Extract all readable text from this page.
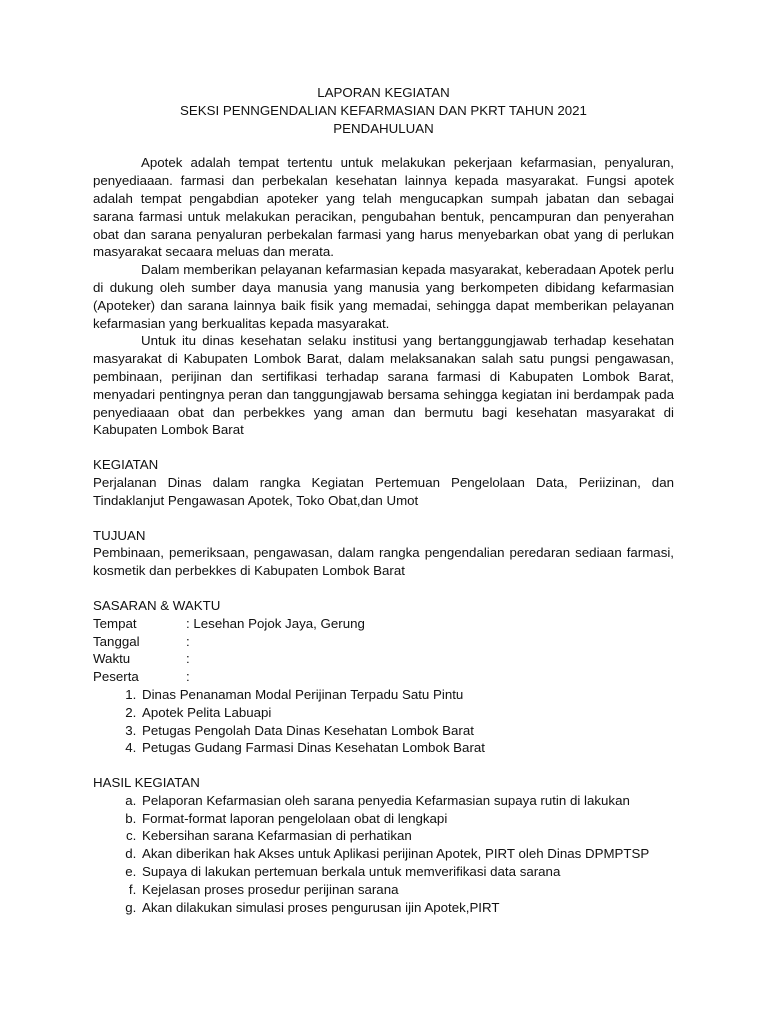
LAPORAN KEGIATAN

SEKSI PENNGENDALIAN KEFARMASIAN DAN PKRT TAHUN 2021

PENDAHULUAN

Apotek adalah tempat tertentu untuk melakukan pekerjaan kefarmasian, penyaluran, penyediaaan. farmasi dan perbekalan kesehatan lainnya kepada masyarakat. Fungsi apotek adalah tempat pengabdian apoteker yang telah mengucapkan sumpah jabatan dan sebagai sarana farmasi untuk melakukan peracikan, pengubahan bentuk, pencampuran dan penyerahan obat dan sarana penyaluran perbekalan farmasi yang harus menyebarkan obat yang di perlukan masyarakat secaara meluas dan merata.

Dalam memberikan pelayanan kefarmasian kepada masyarakat, keberadaan Apotek perlu di dukung oleh sumber daya manusia yang manusia yang berkompeten dibidang kefarmasian (Apoteker) dan sarana lainnya baik fisik yang memadai, sehingga dapat memberikan pelayanan kefarmasian yang berkualitas kepada masyarakat.

Untuk itu dinas kesehatan selaku institusi yang bertanggungjawab terhadap kesehatan masyarakat di Kabupaten Lombok Barat, dalam melaksanakan salah satu pungsi pengawasan, pembinaan, perijinan dan sertifikasi terhadap sarana farmasi di Kabupaten Lombok Barat, menyadari pentingnya peran dan tanggungjawab bersama sehingga kegiatan ini berdampak pada penyediaaan obat dan perbekkes yang aman dan bermutu bagi kesehatan masyarakat di Kabupaten Lombok Barat

KEGIATAN

Perjalanan Dinas dalam rangka Kegiatan Pertemuan Pengelolaan Data, Periizinan, dan Tindaklanjut Pengawasan Apotek, Toko Obat,dan Umot

TUJUAN

Pembinaan, pemeriksaan, pengawasan, dalam rangka pengendalian peredaran sediaan farmasi, kosmetik dan perbekkes di Kabupaten Lombok Barat

SASARAN & WAKTU

Tempat	: Lesehan Pojok Jaya, Gerung
Tanggal	:
Waktu	:
Peserta	:
1. Dinas Penanaman Modal Perijinan Terpadu Satu Pintu
2. Apotek Pelita Labuapi
3. Petugas Pengolah Data Dinas Kesehatan Lombok Barat
4. Petugas Gudang Farmasi Dinas Kesehatan Lombok Barat

HASIL KEGIATAN

a. Pelaporan Kefarmasian oleh sarana penyedia Kefarmasian supaya rutin di lakukan
b. Format-format laporan pengelolaan obat di lengkapi
c. Kebersihan sarana Kefarmasian di perhatikan
d. Akan diberikan hak Akses untuk Aplikasi perijinan Apotek, PIRT oleh Dinas DPMPTSP
e. Supaya di lakukan pertemuan berkala untuk memverifikasi data sarana
f. Kejelasan proses prosedur perijinan sarana
g. Akan dilakukan simulasi proses pengurusan ijin Apotek,PIRT
